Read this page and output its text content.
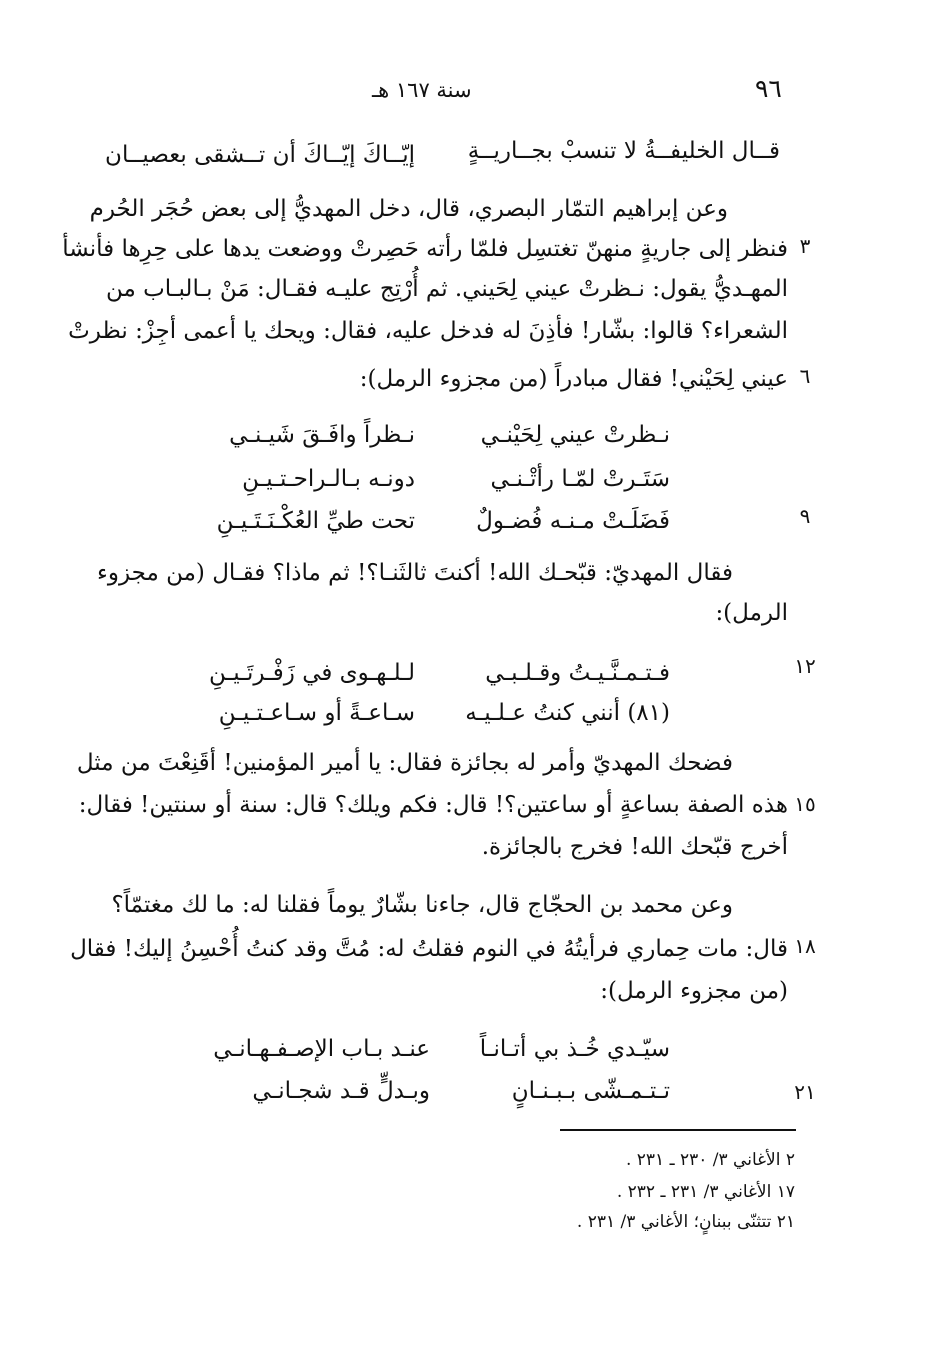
٩٦
سنة ١٦٧ هـ
قــال الخليفــةُ لا تنسبْ بجــاريــةٍ
إيّــاكَ إيّــاكَ أن تــشقى بعصيــان
وعن إبراهيم التمّار البصري، قال، دخل المهديُّ إلى بعض حُجَر الحُرم
فنظر إلى جاريةٍ منهنّ تغتسِل فلمّا رأته حَصِرتْ ووضعت يدها على حِرِها فأنشأ
المهـديُّ يقول: نـظرتْ عيني لِحَيني. ثم أُرْتِج عليـه فقـال: مَنْ بـالبـاب من
الشعراء؟ قالوا: بشّار! فأذِنَ له فدخل عليه، فقال: ويحك يا أعمى أجِزْ: نظرتْ
عيني لِحَيْني! فقال مبادراً (من مجزوء الرمل):
٣
٦
نـظرتْ عيني لِحَيْنـي
نـظراً وافَـقَ شَيـنـي
سَتَـرتْ لمّـا رأتْـنـي
دونـه بـالـراحـتـيـنِ
فَضَلَـتْ مـنـه فُضـولٌ
تحت طيِّ العُكْـنَـتَـيـنِ	٩
فقال المهديّ: قبّحـك الله! أكنتَ ثالثَنـا؟! ثم ماذا؟ فقـال (من مجزوء
الرمل):
فـتـمـنَّـيـتُ وقـلـبـي
لـلـهـوى في زَفْـرتَـيـنِ
(٨١) أنني كنتُ عـلـيـه
سـاعـةً أو سـاعـتـيـنِ
١٢
فضحك المهديّ وأمر له بجائزة فقال: يا أمير المؤمنين! أقَنِعْتَ من مثل
هذه الصفة بساعةٍ أو ساعتين؟! قال: فكم ويلك؟ قال: سنة أو سنتين! فقال:
أخرج قبّحك الله! فخرج بالجائزة.
١٥
وعن محمد بن الحجّاج قال، جاءنا بشّارٌ يوماً فقلنا له: ما لك مغتمّاً؟
قال: مات حِماري فرأيتُهُ في النوم فقلتُ له: مُتَّ وقد كنتُ أُحْسِنُ إليك! فقال
(من مجزوء الرمل):
١٨
سيّـدي خُـذ بي أتـانـاً
عنـد بـاب الإصـفـهـانـي
تـتـمـشّى بـبـنـانٍ
وبـدلٍّ قـد شجـانـي	٢١
٢ الأغاني ٣/ ٢٣٠ ـ ٢٣١ .
١٧ الأغاني ٣/ ٢٣١ ـ ٢٣٢ .
٢١ تتثنّى ببنانٍ؛ الأغاني ٣/ ٢٣١ .
